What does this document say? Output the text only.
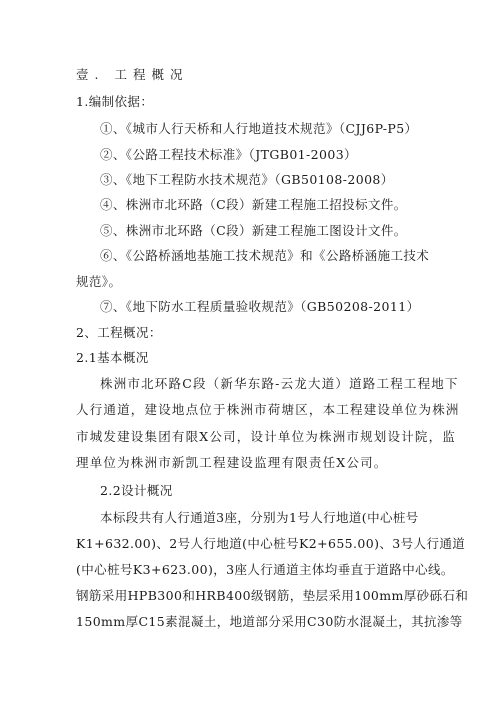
壹. 工程概况
1.编制依据：
①、《城市人行天桥和人行地道技术规范》（CJJ6P-P5）
②、《公路工程技术标准》（JTGB01-2003）
③、《地下工程防水技术规范》（GB50108-2008）
④、株洲市北环路（C段）新建工程施工招投标文件。
⑤、株洲市北环路（C段）新建工程施工图设计文件。
⑥、《公路桥涵地基施工技术规范》和《公路桥涵施工技术
规范》。
⑦、《地下防水工程质量验收规范》（GB50208-2011）
2、工程概况：
2.1基本概况
株洲市北环路C段（新华东路-云龙大道）道路工程工程地下
人行通道，建设地点位于株洲市荷塘区，本工程建设单位为株洲
市城发建设集团有限X公司，设计单位为株洲市规划设计院，监
理单位为株洲市新凯工程建设监理有限责任X公司。
2.2设计概况
本标段共有人行通道3座，分别为1号人行地道(中心桩号
K1+632.00)、2号人行地道(中心桩号K2+655.00)、3号人行通道
(中心桩号K3+623.00)，3座人行通道主体均垂直于道路中心线。
钢筋采用HPB300和HRB400级钢筋，垫层采用100mm厚砂砾石和
150mm厚C15素混凝土，地道部分采用C30防水混凝土，其抗渗等
